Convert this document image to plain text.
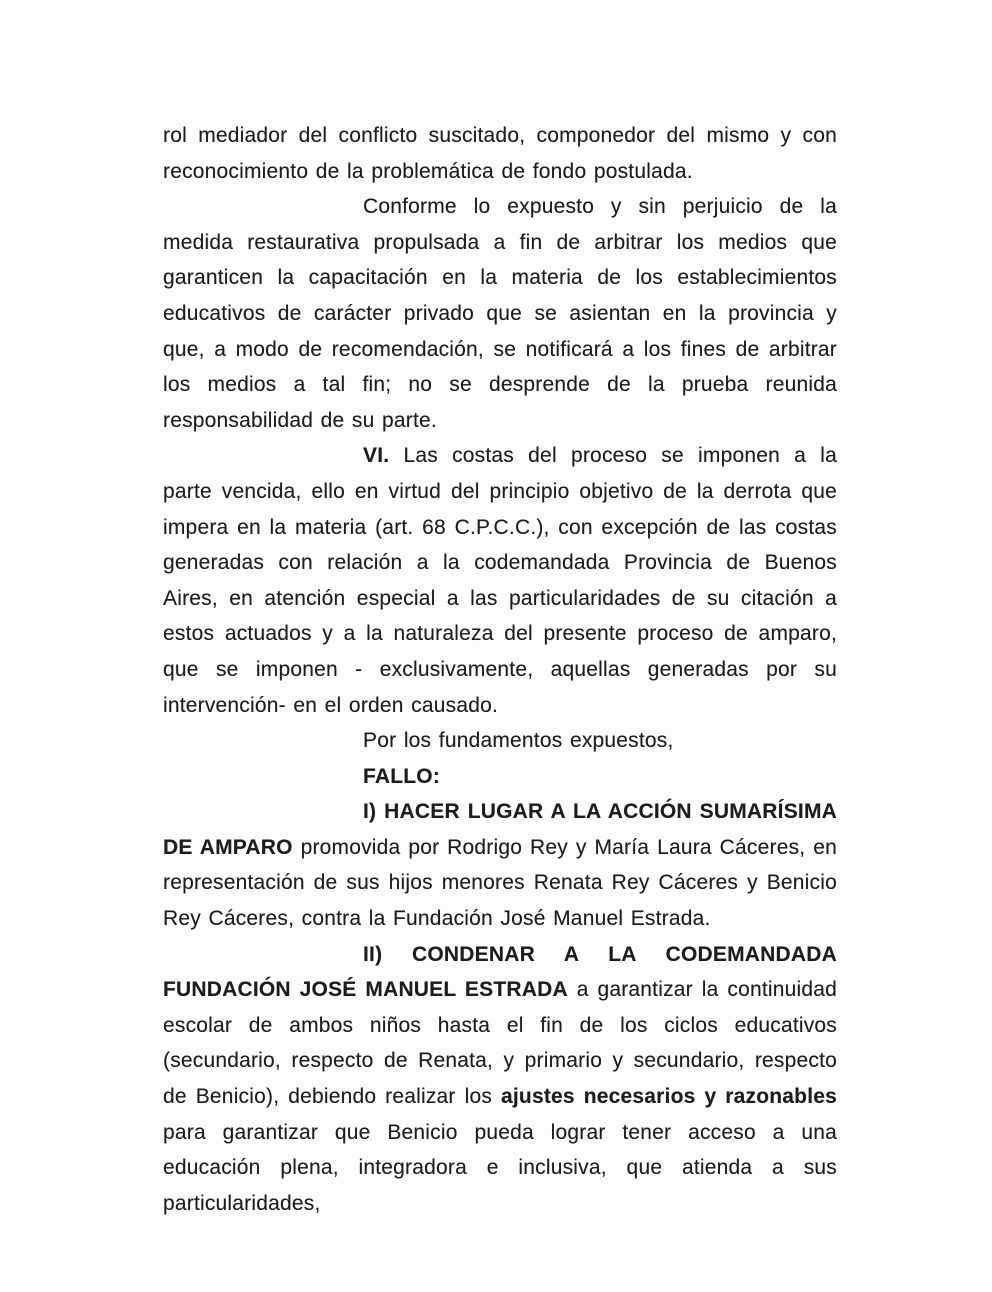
rol mediador del conflicto suscitado, componedor del mismo y con reconocimiento de la problemática de fondo postulada.

Conforme lo expuesto y sin perjuicio de la medida restaurativa propulsada a fin de arbitrar los medios que garanticen la capacitación en la materia de los establecimientos educativos de carácter privado que se asientan en la provincia y que, a modo de recomendación, se notificará a los fines de arbitrar los medios a tal fin; no se desprende de la prueba reunida responsabilidad de su parte.

VI. Las costas del proceso se imponen a la parte vencida, ello en virtud del principio objetivo de la derrota que impera en la materia (art. 68 C.P.C.C.), con excepción de las costas generadas con relación a la codemandada Provincia de Buenos Aires, en atención especial a las particularidades de su citación a estos actuados y a la naturaleza del presente proceso de amparo, que se imponen - exclusivamente, aquellas generadas por su intervención- en el orden causado.

Por los fundamentos expuestos,

FALLO:

I) HACER LUGAR A LA ACCIÓN SUMARÍSIMA DE AMPARO promovida por Rodrigo Rey y María Laura Cáceres, en representación de sus hijos menores Renata Rey Cáceres y Benicio Rey Cáceres, contra la Fundación José Manuel Estrada.

II) CONDENAR A LA CODEMANDADA FUNDACIÓN JOSÉ MANUEL ESTRADA a garantizar la continuidad escolar de ambos niños hasta el fin de los ciclos educativos (secundario, respecto de Renata, y primario y secundario, respecto de Benicio), debiendo realizar los ajustes necesarios y razonables para garantizar que Benicio pueda lograr tener acceso a una educación plena, integradora e inclusiva, que atienda a sus particularidades,
